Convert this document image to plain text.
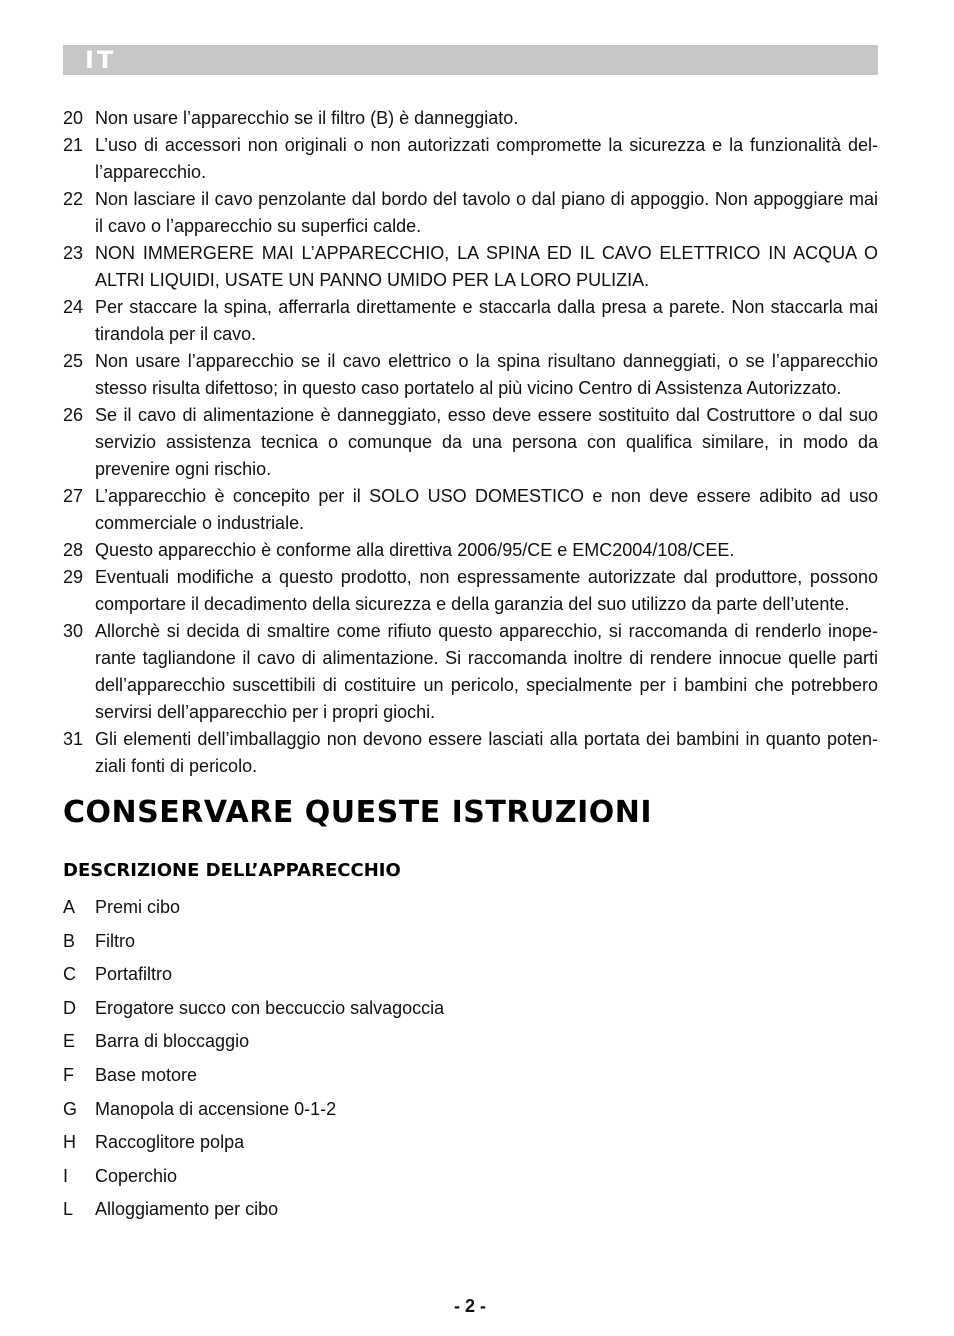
IT
20 Non usare l’apparecchio se il filtro (B) è danneggiato.
21 L’uso di accessori non originali o non autorizzati compromette la sicurezza e la funzionalità dell’apparecchio.
22 Non lasciare il cavo penzolante dal bordo del tavolo o dal piano di appoggio. Non appoggiare mai il cavo o l’apparecchio su superfici calde.
23 NON IMMERGERE MAI L’APPARECCHIO, LA SPINA ED IL CAVO ELETTRICO IN ACQUA O ALTRI LIQUIDI, USATE UN PANNO UMIDO PER LA LORO PULIZIA.
24 Per staccare la spina, afferrarla direttamente e staccarla dalla presa a parete. Non staccarla mai tirandola per il cavo.
25 Non usare l’apparecchio se il cavo elettrico o la spina risultano danneggiati, o se l’apparecchio stesso risulta difettoso; in questo caso portatelo al più vicino Centro di Assistenza Autorizzato.
26 Se il cavo di alimentazione è danneggiato, esso deve essere sostituito dal Costruttore o dal suo servizio assistenza tecnica o comunque da una persona con qualifica similare, in modo da prevenire ogni rischio.
27 L’apparecchio è concepito per il SOLO USO DOMESTICO e non deve essere adibito ad uso commerciale o industriale.
28 Questo apparecchio è conforme alla direttiva 2006/95/CE e EMC2004/108/CEE.
29 Eventuali modifiche a questo prodotto, non espressamente autorizzate dal produttore, possono comportare il decadimento della sicurezza e della garanzia del suo utilizzo da parte dell’utente.
30 Allorchè si decida di smaltire come rifiuto questo apparecchio, si raccomanda di renderlo inoperante tagliandone il cavo di alimentazione. Si raccomanda inoltre di rendere innocue quelle parti dell’apparecchio suscettibili di costituire un pericolo, specialmente per i bambini che potrebbero servirsi dell’apparecchio per i propri giochi.
31 Gli elementi dell’imballaggio non devono essere lasciati alla portata dei bambini in quanto potenziali fonti di pericolo.
CONSERVARE QUESTE ISTRUZIONI
DESCRIZIONE DELL’APPARECCHIO
A Premi cibo
B Filtro
C Portafiltro
D Erogatore succo con beccuccio salvagoccia
E Barra di bloccaggio
F Base motore
G Manopola di accensione 0-1-2
H Raccoglitore polpa
I Coperchio
L Alloggiamento per cibo
- 2 -
